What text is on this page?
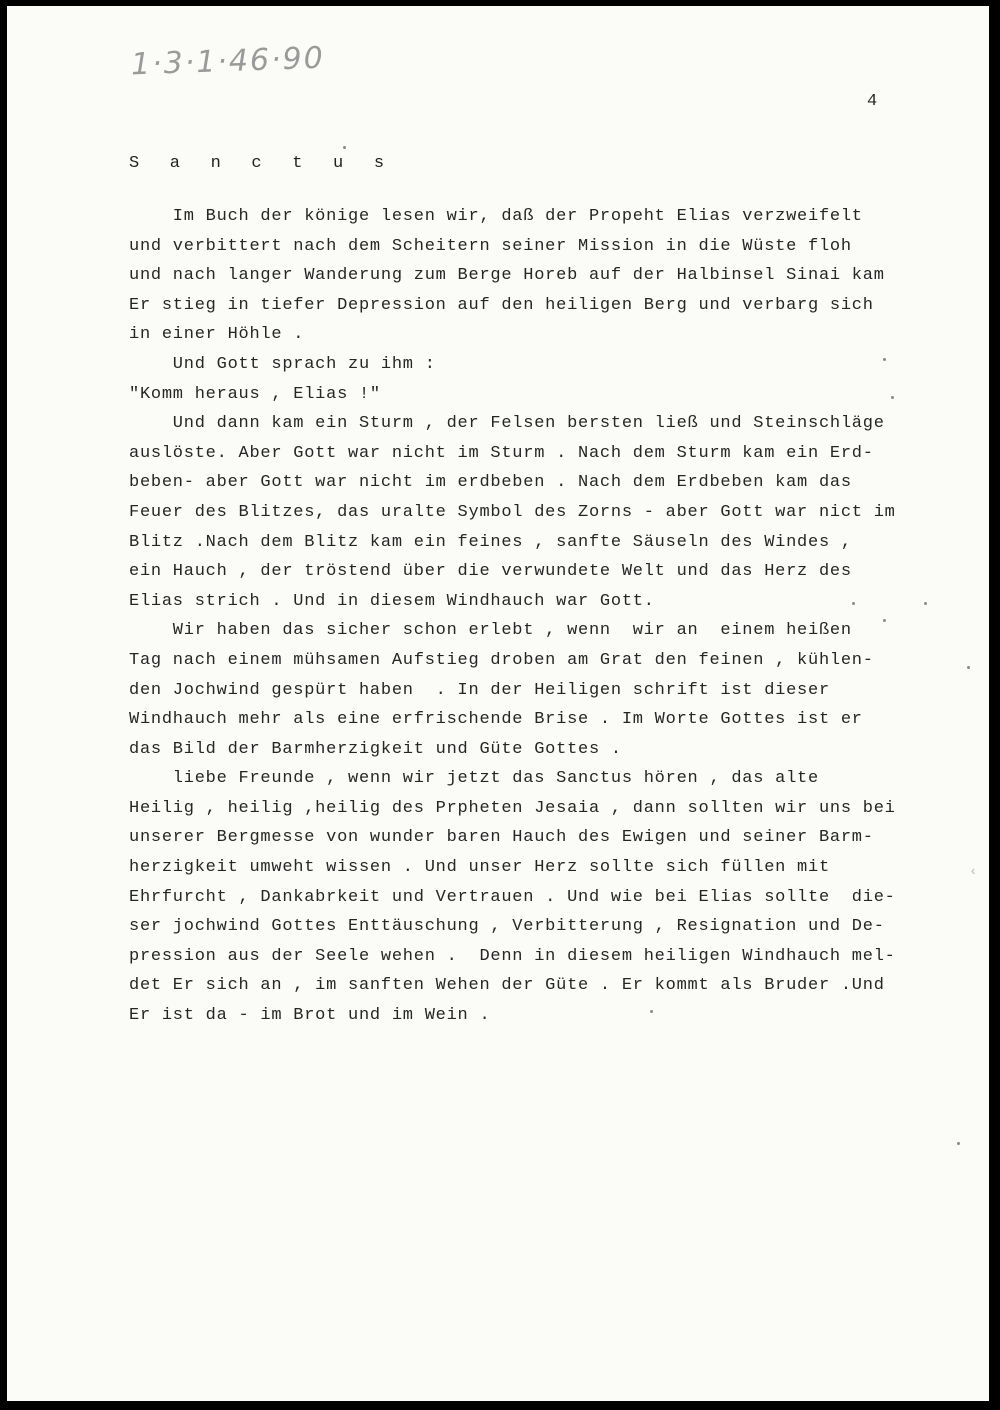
1·3·1·46·90

4

S a n c t u s
Im Buch der könige lesen wir, daß der Propeht Elias verzweifelt
und verbittert nach dem Scheitern seiner Mission in die Wüste floh
und nach langer Wanderung zum Berge Horeb auf der Halbinsel Sinai kam
Er stieg in tiefer Depression auf den heiligen Berg und verbarg sich
in einer Höhle .
Und Gott sprach zu ihm :
"Komm heraus , Elias !"
Und dann kam ein Sturm , der Felsen bersten ließ und Steinschläge
auslöste. Aber Gott war nicht im Sturm . Nach dem Sturm kam ein Erd-
beben- aber Gott war nicht im erdbeben . Nach dem Erdbeben kam das
Feuer des Blitzes, das uralte Symbol des Zorns - aber Gott war nict im
Blitz .Nach dem Blitz kam ein feines , sanfte Säuseln des Windes ,
ein Hauch , der tröstend über die verwundete Welt und das Herz des
Elias strich . Und in diesem Windhauch war Gott.
Wir haben das sicher schon erlebt , wenn  wir an  einem heißen
Tag nach einem mühsamen Aufstieg droben am Grat den feinen , kühlen-
den Jochwind gespürt haben  . In der Heiligen schrift ist dieser
Windhauch mehr als eine erfrischende Brise . Im Worte Gottes ist er
das Bild der Barmherzigkeit und Güte Gottes .
liebe Freunde , wenn wir jetzt das Sanctus hören , das alte
Heilig , heilig ,heilig des Prpheten Jesaia , dann sollten wir uns bei
unserer Bergmesse von wunder baren Hauch des Ewigen und seiner Barm-
herzigkeit umweht wissen . Und unser Herz sollte sich füllen mit
Ehrfurcht , Dankabrkeit und Vertrauen . Und wie bei Elias sollte  die-
ser jochwind Gottes Enttäuschung , Verbitterung , Resignation und De-
pression aus der Seele wehen .  Denn in diesem heiligen Windhauch mel-
det Er sich an , im sanften Wehen der Güte . Er kommt als Bruder .Und
Er ist da - im Brot und im Wein .
‹
